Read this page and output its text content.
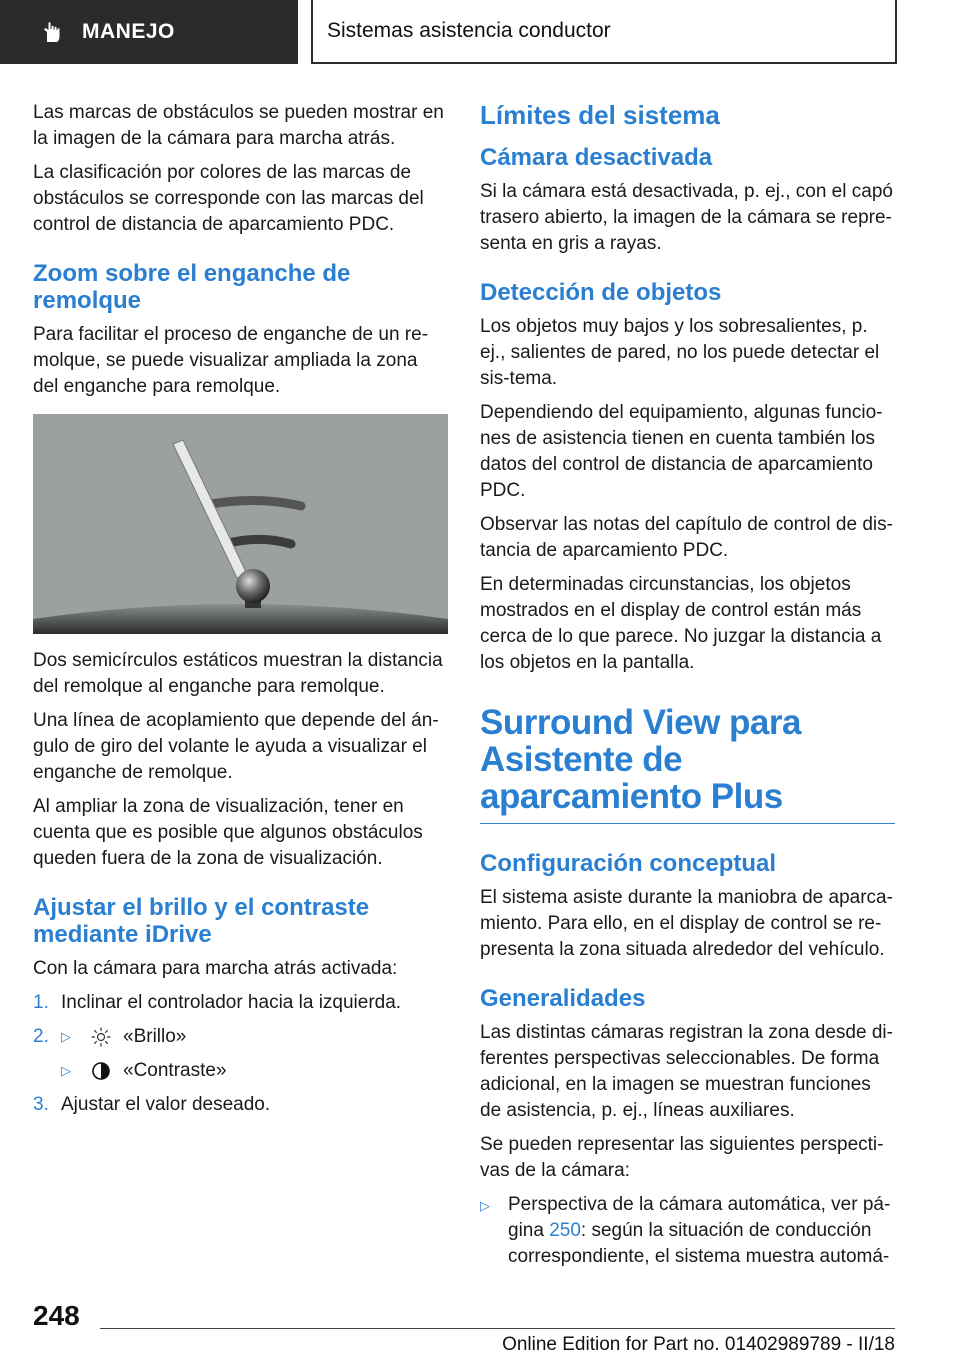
MANEJO	Sistemas asistencia conductor

Las marcas de obstáculos se pueden mostrar en la imagen de la cámara para marcha atrás.

La clasificación por colores de las marcas de obstáculos se corresponde con las marcas del control de distancia de aparcamiento PDC.

Zoom sobre el enganche de remolque

Para facilitar el proceso de enganche de un re‐molque, se puede visualizar ampliada la zona del enganche para remolque.

Dos semicírculos estáticos muestran la distancia del remolque al enganche para remolque.

Una línea de acoplamiento que depende del án‐gulo de giro del volante le ayuda a visualizar el enganche de remolque.

Al ampliar la zona de visualización, tener en cuenta que es posible que algunos obstáculos queden fuera de la zona de visualización.

Ajustar el brillo y el contraste mediante iDrive

Con la cámara para marcha atrás activada:

1. Inclinar el controlador hacia la izquierda.
2. ▷	«Brillo»
▷	«Contraste»
3. Ajustar el valor deseado.
Límites del sistema
Cámara desactivada

Si la cámara está desactivada, p. ej., con el capó trasero abierto, la imagen de la cámara se repre‐senta en gris a rayas.

Detección de objetos

Los objetos muy bajos y los sobresalientes, p. ej., salientes de pared, no los puede detectar el sis‐tema.

Dependiendo del equipamiento, algunas funcio‐nes de asistencia tienen en cuenta también los datos del control de distancia de aparcamiento PDC.

Observar las notas del capítulo de control de dis‐tancia de aparcamiento PDC.

En determinadas circunstancias, los objetos mostrados en el display de control están más cerca de lo que parece. No juzgar la distancia a los objetos en la pantalla.

Surround View para Asistente de aparcamiento Plus
Configuración conceptual

El sistema asiste durante la maniobra de aparca‐miento. Para ello, en el display de control se re‐presenta la zona situada alrededor del vehículo.

Generalidades

Las distintas cámaras registran la zona desde di‐ferentes perspectivas seleccionables. De forma adicional, en la imagen se muestran funciones de asistencia, p. ej., líneas auxiliares.

Se pueden representar las siguientes perspecti‐vas de la cámara:

▷ Perspectiva de la cámara automática, ver pá‐gina 250: según la situación de conducción correspondiente, el sistema muestra automá‐
248
Online Edition for Part no. 01402989789 - II/18
